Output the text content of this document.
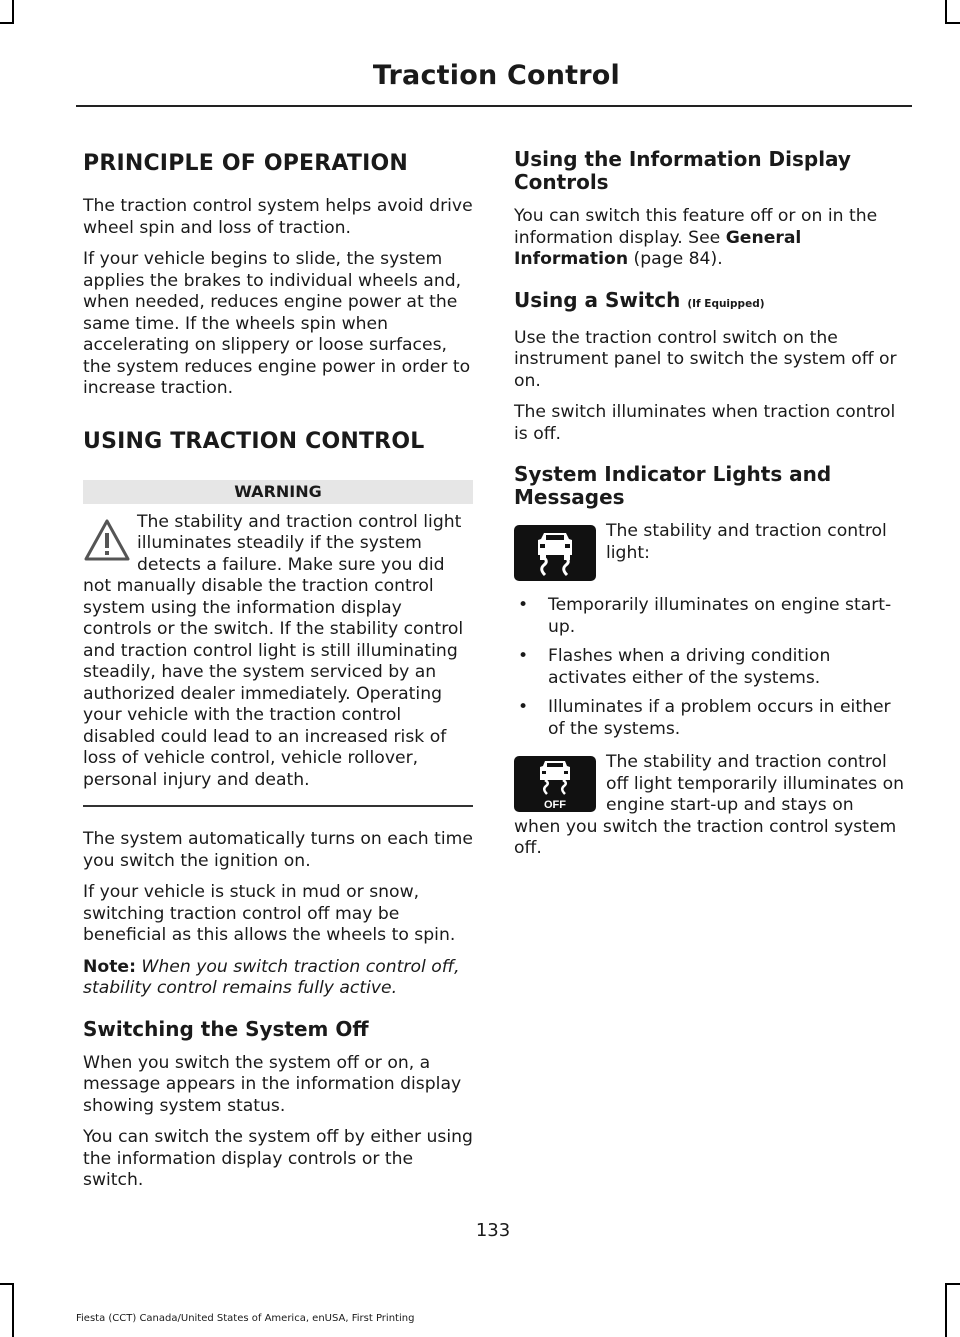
Traction Control
PRINCIPLE OF OPERATION

The traction control system helps avoid drive wheel spin and loss of traction.

If your vehicle begins to slide, the system applies the brakes to individual wheels and, when needed, reduces engine power at the same time. If the wheels spin when accelerating on slippery or loose surfaces, the system reduces engine power in order to increase traction.

USING TRACTION CONTROL
WARNING
The stability and traction control light illuminates steadily if the system detects a failure. Make sure you did not manually disable the traction control system using the information display controls or the switch. If the stability control and traction control light is still illuminating steadily, have the system serviced by an authorized dealer immediately. Operating your vehicle with the traction control disabled could lead to an increased risk of loss of vehicle control, vehicle rollover, personal injury and death.

The system automatically turns on each time you switch the ignition on.

If your vehicle is stuck in mud or snow, switching traction control off may be beneficial as this allows the wheels to spin.

Note: When you switch traction control off, stability control remains fully active.

Switching the System Off

When you switch the system off or on, a message appears in the information display showing system status.

You can switch the system off by either using the information display controls or the switch.

Using the Information Display Controls

You can switch this feature off or on in the information display. See General Information (page 84).

Using a Switch (If Equipped)

Use the traction control switch on the instrument panel to switch the system off or on.

The switch illuminates when traction control is off.

System Indicator Lights and Messages
The stability and traction control light:
• Temporarily illuminates on engine start-up.
• Flashes when a driving condition activates either of the systems.
• Illuminates if a problem occurs in either of the systems.
OFF
The stability and traction control off light temporarily illuminates on engine start-up and stays on when you switch the traction control system off.
133
Fiesta (CCT) Canada/United States of America, enUSA, First Printing
